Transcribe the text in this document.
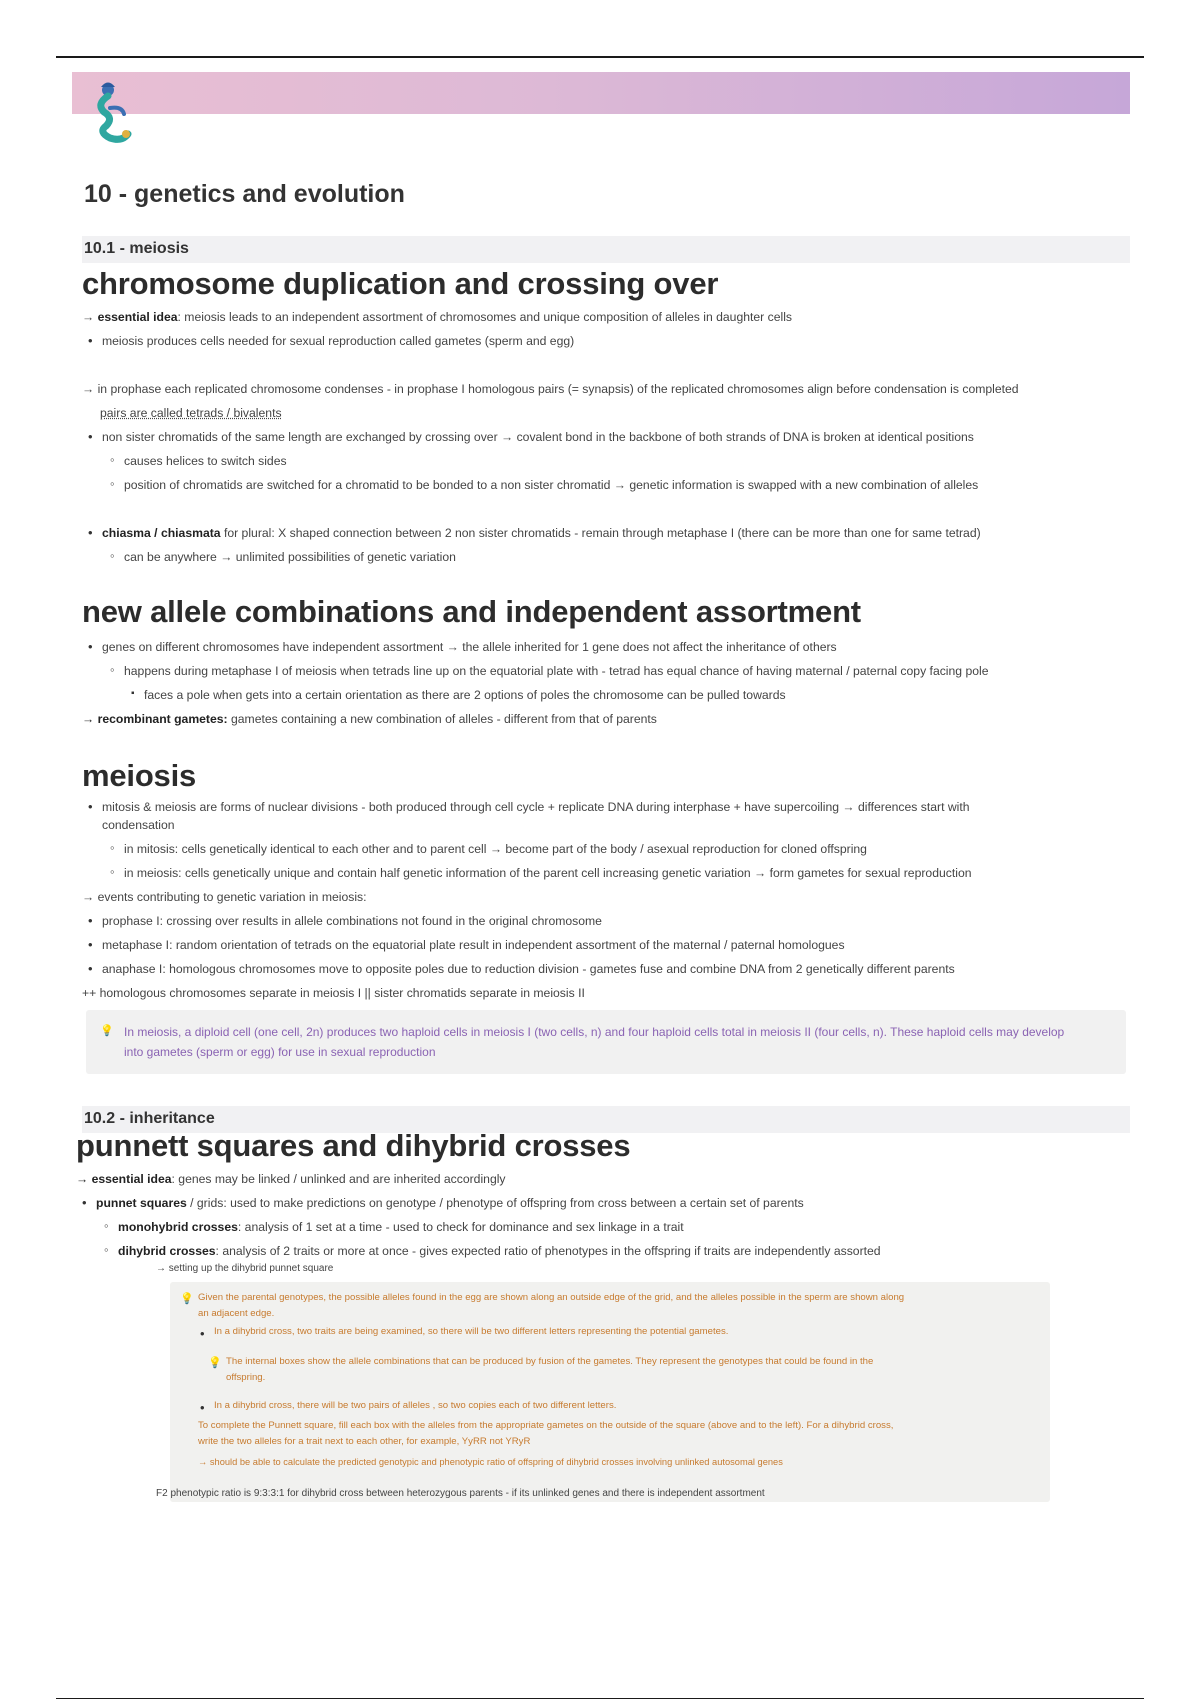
10 - genetics and evolution
10.1 - meiosis
chromosome duplication and crossing over
→ essential idea: meiosis leads to an independent assortment of chromosomes and unique composition of alleles in daughter cells
• meiosis produces cells needed for sexual reproduction called gametes (sperm and egg)
→ in prophase each replicated chromosome condenses - in prophase I homologous pairs (= synapsis) of the replicated chromosomes align before condensation is completed
pairs are called tetrads / bivalents
• non sister chromatids of the same length are exchanged by crossing over → covalent bond in the backbone of both strands of DNA is broken at identical positions
◦ causes helices to switch sides
◦ position of chromatids are switched for a chromatid to be bonded to a non sister chromatid → genetic information is swapped with a new combination of alleles
• chiasma / chiasmata for plural: X shaped connection between 2 non sister chromatids - remain through metaphase I (there can be more than one for same tetrad)
◦ can be anywhere → unlimited possibilities of genetic variation
new allele combinations and independent assortment
• genes on different chromosomes have independent assortment → the allele inherited for 1 gene does not affect the inheritance of others
◦ happens during metaphase I of meiosis when tetrads line up on the equatorial plate with - tetrad has equal chance of having maternal / paternal copy facing pole
▪ faces a pole when gets into a certain orientation as there are 2 options of poles the chromosome can be pulled towards
→ recombinant gametes: gametes containing a new combination of alleles - different from that of parents
meiosis
• mitosis & meiosis are forms of nuclear divisions - both produced through cell cycle + replicate DNA during interphase + have supercoiling → differences start with
condensation
◦ in mitosis: cells genetically identical to each other and to parent cell → become part of the body / asexual reproduction for cloned offspring
◦ in meiosis: cells genetically unique and contain half genetic information of the parent cell increasing genetic variation → form gametes for sexual reproduction
→ events contributing to genetic variation in meiosis:
• prophase I: crossing over results in allele combinations not found in the original chromosome
• metaphase I: random orientation of tetrads on the equatorial plate result in independent assortment of the maternal / paternal homologues
• anaphase I: homologous chromosomes move to opposite poles due to reduction division - gametes fuse and combine DNA from 2 genetically different parents
++ homologous chromosomes separate in meiosis I || sister chromatids separate in meiosis II
💡 In meiosis, a diploid cell (one cell, 2n) produces two haploid cells in meiosis I (two cells, n) and four haploid cells total in meiosis II (four cells, n). These haploid cells may develop into gametes (sperm or egg) for use in sexual reproduction
10.2 - inheritance
punnett squares and dihybrid crosses
→ essential idea: genes may be linked / unlinked and are inherited accordingly
• punnet squares / grids: used to make predictions on genotype / phenotype of offspring from cross between a certain set of parents
◦ monohybrid crosses: analysis of 1 set at a time - used to check for dominance and sex linkage in a trait
◦ dihybrid crosses: analysis of 2 traits or more at once - gives expected ratio of phenotypes in the offspring if traits are independently assorted
→ setting up the dihybrid punnet square
💡 Given the parental genotypes, the possible alleles found in the egg are shown along an outside edge of the grid, and the alleles possible in the sperm are shown along
an adjacent edge.
• In a dihybrid cross, two traits are being examined, so there will be two different letters representing the potential gametes.
💡 The internal boxes show the allele combinations that can be produced by fusion of the gametes. They represent the genotypes that could be found in the
offspring.
• In a dihybrid cross, there will be two pairs of alleles , so two copies each of two different letters.
To complete the Punnett square, fill each box with the alleles from the appropriate gametes on the outside of the square (above and to the left). For a dihybrid cross,
write the two alleles for a trait next to each other, for example, YyRR not YRyR
→ should be able to calculate the predicted genotypic and phenotypic ratio of offspring of dihybrid crosses involving unlinked autosomal genes
F2 phenotypic ratio is 9:3:3:1 for dihybrid cross between heterozygous parents - if its unlinked genes and there is independent assortment
